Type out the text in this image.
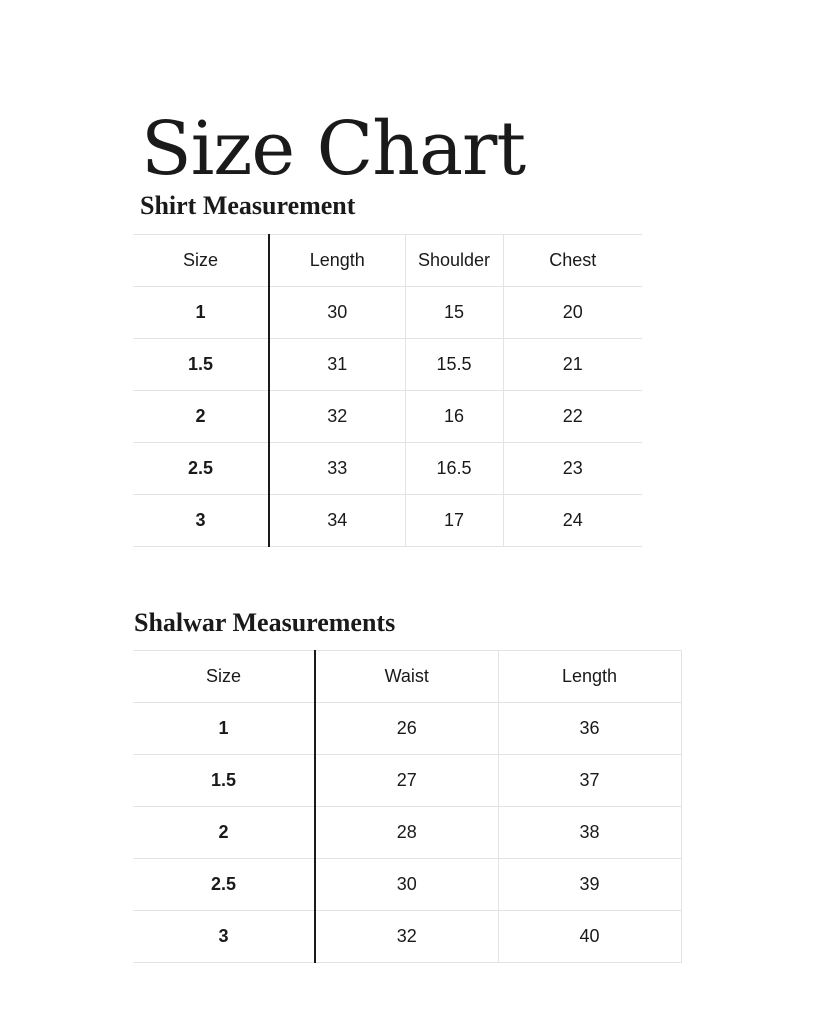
Size Chart
Shirt Measurement
Size	Length	Shoulder	Chest
1	30	15	20
1.5	31	15.5	21
2	32	16	22
2.5	33	16.5	23
3	34	17	24
Shalwar Measurements
Size	Waist	Length
1	26	36
1.5	27	37
2	28	38
2.5	30	39
3	32	40
